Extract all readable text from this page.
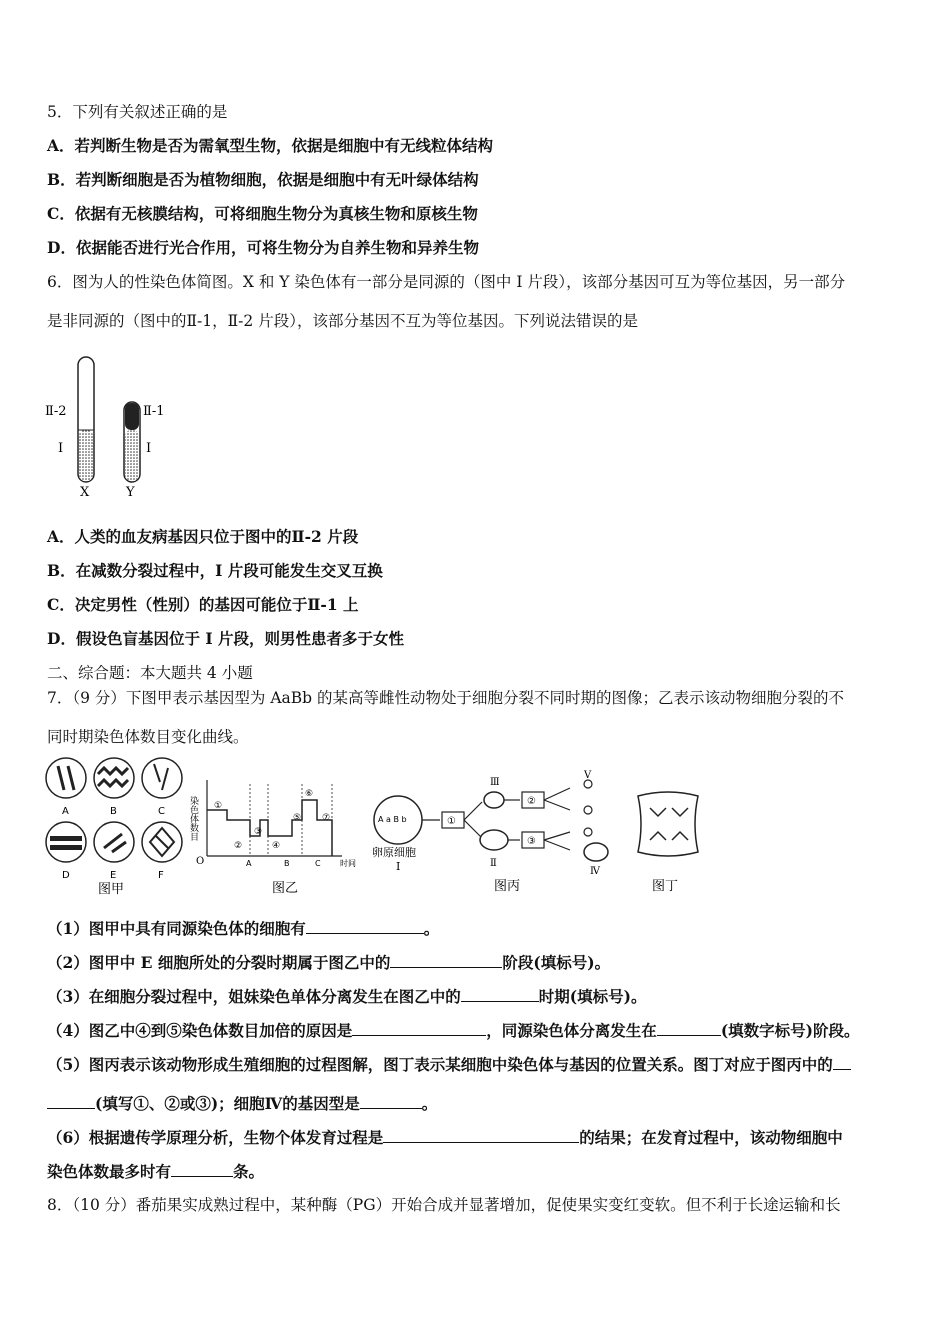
5．下列有关叙述正确的是
A．若判断生物是否为需氧型生物，依据是细胞中有无线粒体结构
B．若判断细胞是否为植物细胞，依据是细胞中有无叶绿体结构
C．依据有无核膜结构，可将细胞生物分为真核生物和原核生物
D．依据能否进行光合作用，可将生物分为自养生物和异养生物
6．图为人的性染色体简图。X 和 Y 染色体有一部分是同源的（图中 I 片段），该部分基因可互为等位基因，另一部分
是非同源的（图中的Ⅱ-1，Ⅱ-2 片段），该部分基因不互为等位基因。下列说法错误的是
Ⅱ-2
I
X
Ⅱ-1
I
Y
A．人类的血友病基因只位于图中的Ⅱ-2 片段
B．在减数分裂过程中，I 片段可能发生交叉互换
C．决定男性（性别）的基因可能位于Ⅱ-1 上
D．假设色盲基因位于 I 片段，则男性患者多于女性
二、综合题：本大题共 4 小题
7．（9 分）下图甲表示基因型为 AaBb 的某高等雌性动物处于细胞分裂不同时期的图像；乙表示该动物细胞分裂的不
同时期染色体数目变化曲线。
A	B	C
D	E	F
图甲
染色体数目
O
①
②
③
④
⑤
⑥
⑦
A	B	C 时间
图乙
A a B b
卵原细胞
I
①
Ⅲ
Ⅱ
②
③
V
Ⅳ
图丙	图丁
（1）图甲中具有同源染色体的细胞有	。
（2）图甲中 E 细胞所处的分裂时期属于图乙中的	阶段(填标号)。
（3）在细胞分裂过程中，姐妹染色单体分离发生在图乙中的	时期(填标号)。
（4）图乙中④到⑤染色体数目加倍的原因是	，同源染色体分离发生在	(填数字标号)阶段。
（5）图丙表示该动物形成生殖细胞的过程图解，图丁表示某细胞中染色体与基因的位置关系。图丁对应于图丙中的
(填写①、②或③)；细胞Ⅳ的基因型是	。
（6）根据遗传学原理分析，生物个体发育过程是	的结果；在发育过程中，该动物细胞中
染色体数最多时有	条。
8．（10 分）番茄果实成熟过程中，某种酶（PG）开始合成并显著增加，促使果实变红变软。但不利于长途运输和长
